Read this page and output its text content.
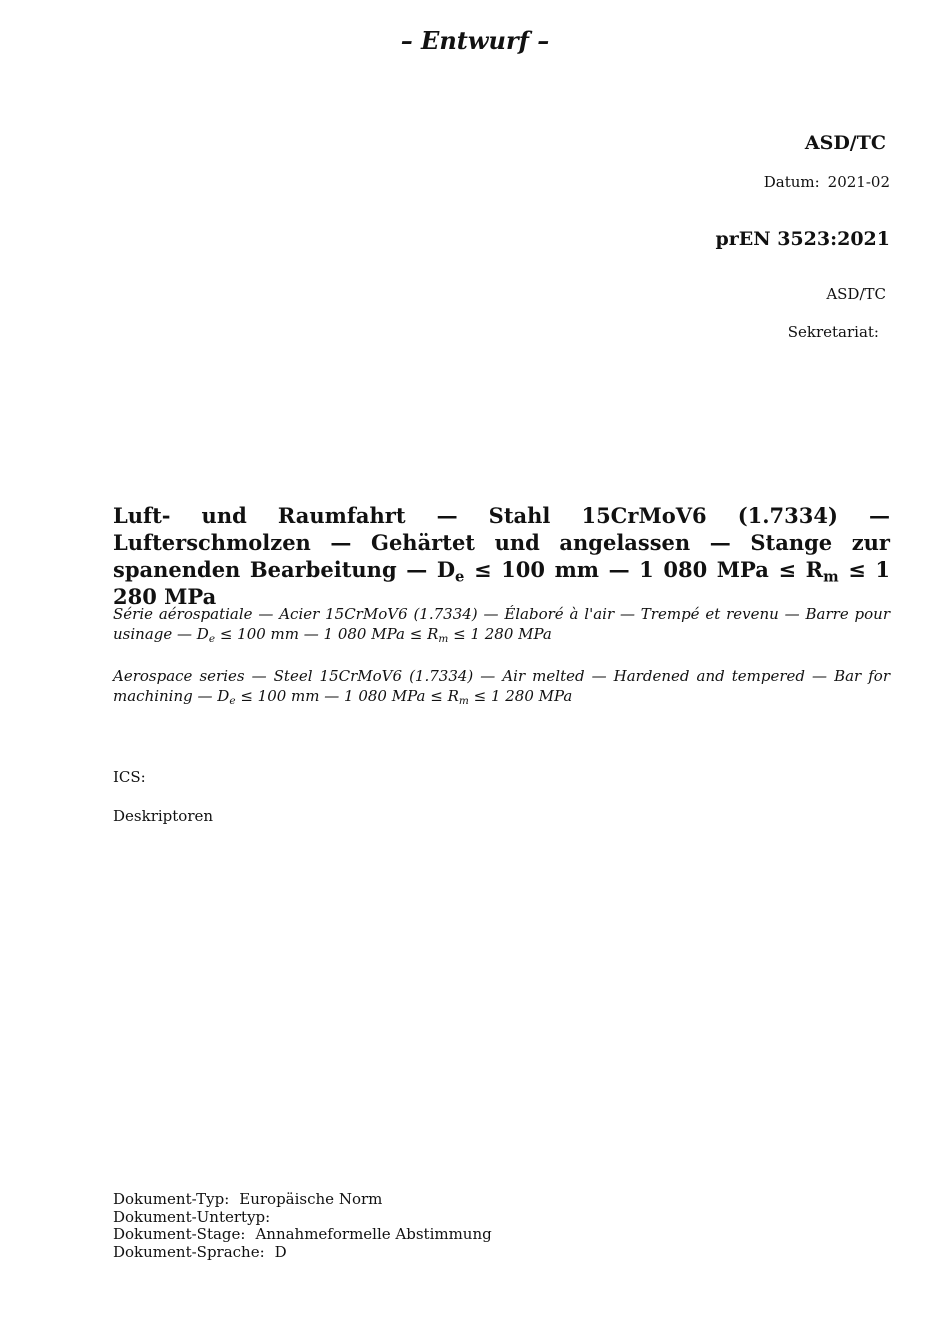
– Entwurf –
ASD/TC
Datum: 2021-02
prEN 3523:2021
ASD/TC
Sekretariat:
Luft- und Raumfahrt — Stahl 15CrMoV6 (1.7334) — Lufterschmolzen — Gehärtet und angelassen — Stange zur spanenden Bearbeitung — $D_e \le 100$ mm — 1 080 MPa ≤ $R_m \le 1$ 280 MPa
Série aérospatiale — Acier 15CrMoV6 (1.7334) — Élaboré à l'air — Trempé et revenu — Barre pour usinage — $D_e \le 100$ mm — 1 080 MPa ≤ $R_m \le 1$ 280 MPa
Aerospace series — Steel 15CrMoV6 (1.7334) — Air melted — Hardened and tempered — Bar for machining — $D_e \le 100$ mm — 1 080 MPa ≤ $R_m \le 1$ 280 MPa
ICS:
Deskriptoren
Dokument-Typ: Europäische Norm
Dokument-Untertyp:
Dokument-Stage: Annahmeformelle Abstimmung
Dokument-Sprache: D
